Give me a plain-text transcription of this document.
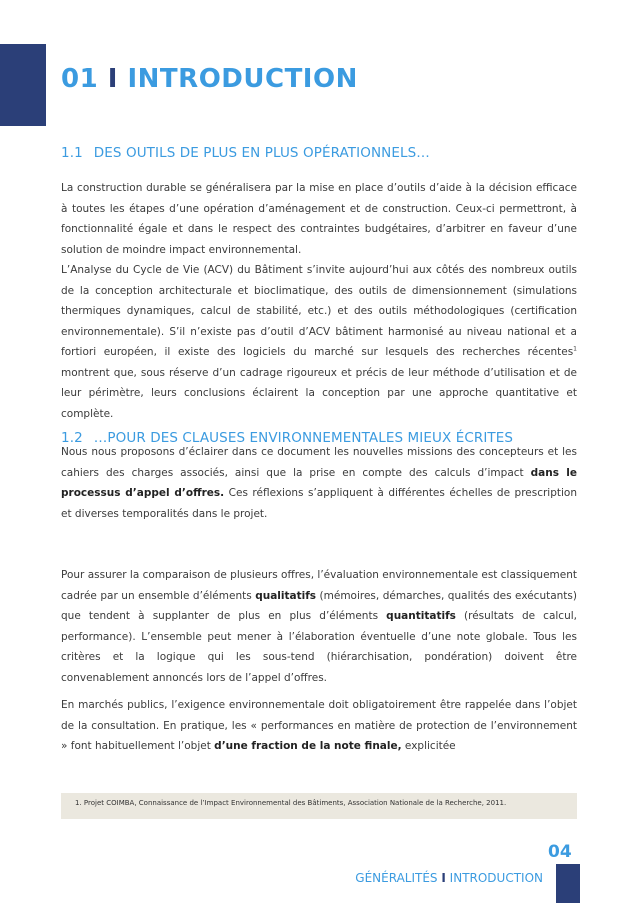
01 I INTRODUCTION
1.1 DES OUTILS DE PLUS EN PLUS OPÉRATIONNELS…

La construction durable se généralisera par la mise en place d’outils d’aide à la décision efficace à toutes les étapes d’une opération d’aménagement et de construction. Ceux-ci permettront, à fonctionnalité égale et dans le respect des contraintes budgétaires, d’arbitrer en faveur d’une solution de moindre impact environnemental.

L’Analyse du Cycle de Vie (ACV) du Bâtiment s’invite aujourd’hui aux côtés des nombreux outils de la conception architecturale et bioclimatique, des outils de dimensionnement (simulations thermiques dynamiques, calcul de stabilité, etc.) et des outils méthodologiques (certification environnementale). S’il n’existe pas d’outil d’ACV bâtiment harmonisé au niveau national et a fortiori européen, il existe des logiciels du marché sur lesquels des recherches récentes$^1$ montrent que, sous réserve d’un cadrage rigoureux et précis de leur méthode d’utilisation et de leur périmètre, leurs conclusions éclairent la conception par une approche quantitative et complète.

1.2 …POUR DES CLAUSES ENVIRONNEMENTALES MIEUX ÉCRITES

Nous nous proposons d’éclairer dans ce document les nouvelles missions des concepteurs et les cahiers des charges associés, ainsi que la prise en compte des calculs d’impact dans le processus d’appel d’offres. Ces réflexions s’appliquent à différentes échelles de prescription et diverses temporalités dans le projet.

Pour assurer la comparaison de plusieurs offres, l’évaluation environnementale est classiquement cadrée par un ensemble d’éléments qualitatifs (mémoires, démarches, qualités des exécutants) que tendent à supplanter de plus en plus d’éléments quantitatifs (résultats de calcul, performance). L’ensemble peut mener à l’élaboration éventuelle d’une note globale. Tous les critères et la logique qui les sous-tend (hiérarchisation, pondération) doivent être convenablement annoncés lors de l’appel d’offres.

En marchés publics, l’exigence environnementale doit obligatoirement être rappelée dans l’objet de la consultation. En pratique, les « performances en matière de protection de l’environnement » font habituellement l’objet d’une fraction de la note finale, explicitée

1. Projet COIMBA, Connaissance de l’Impact Environnemental des Bâtiments, Association Nationale de la Recherche, 2011.

04

GÉNÉRALITÉS I INTRODUCTION
